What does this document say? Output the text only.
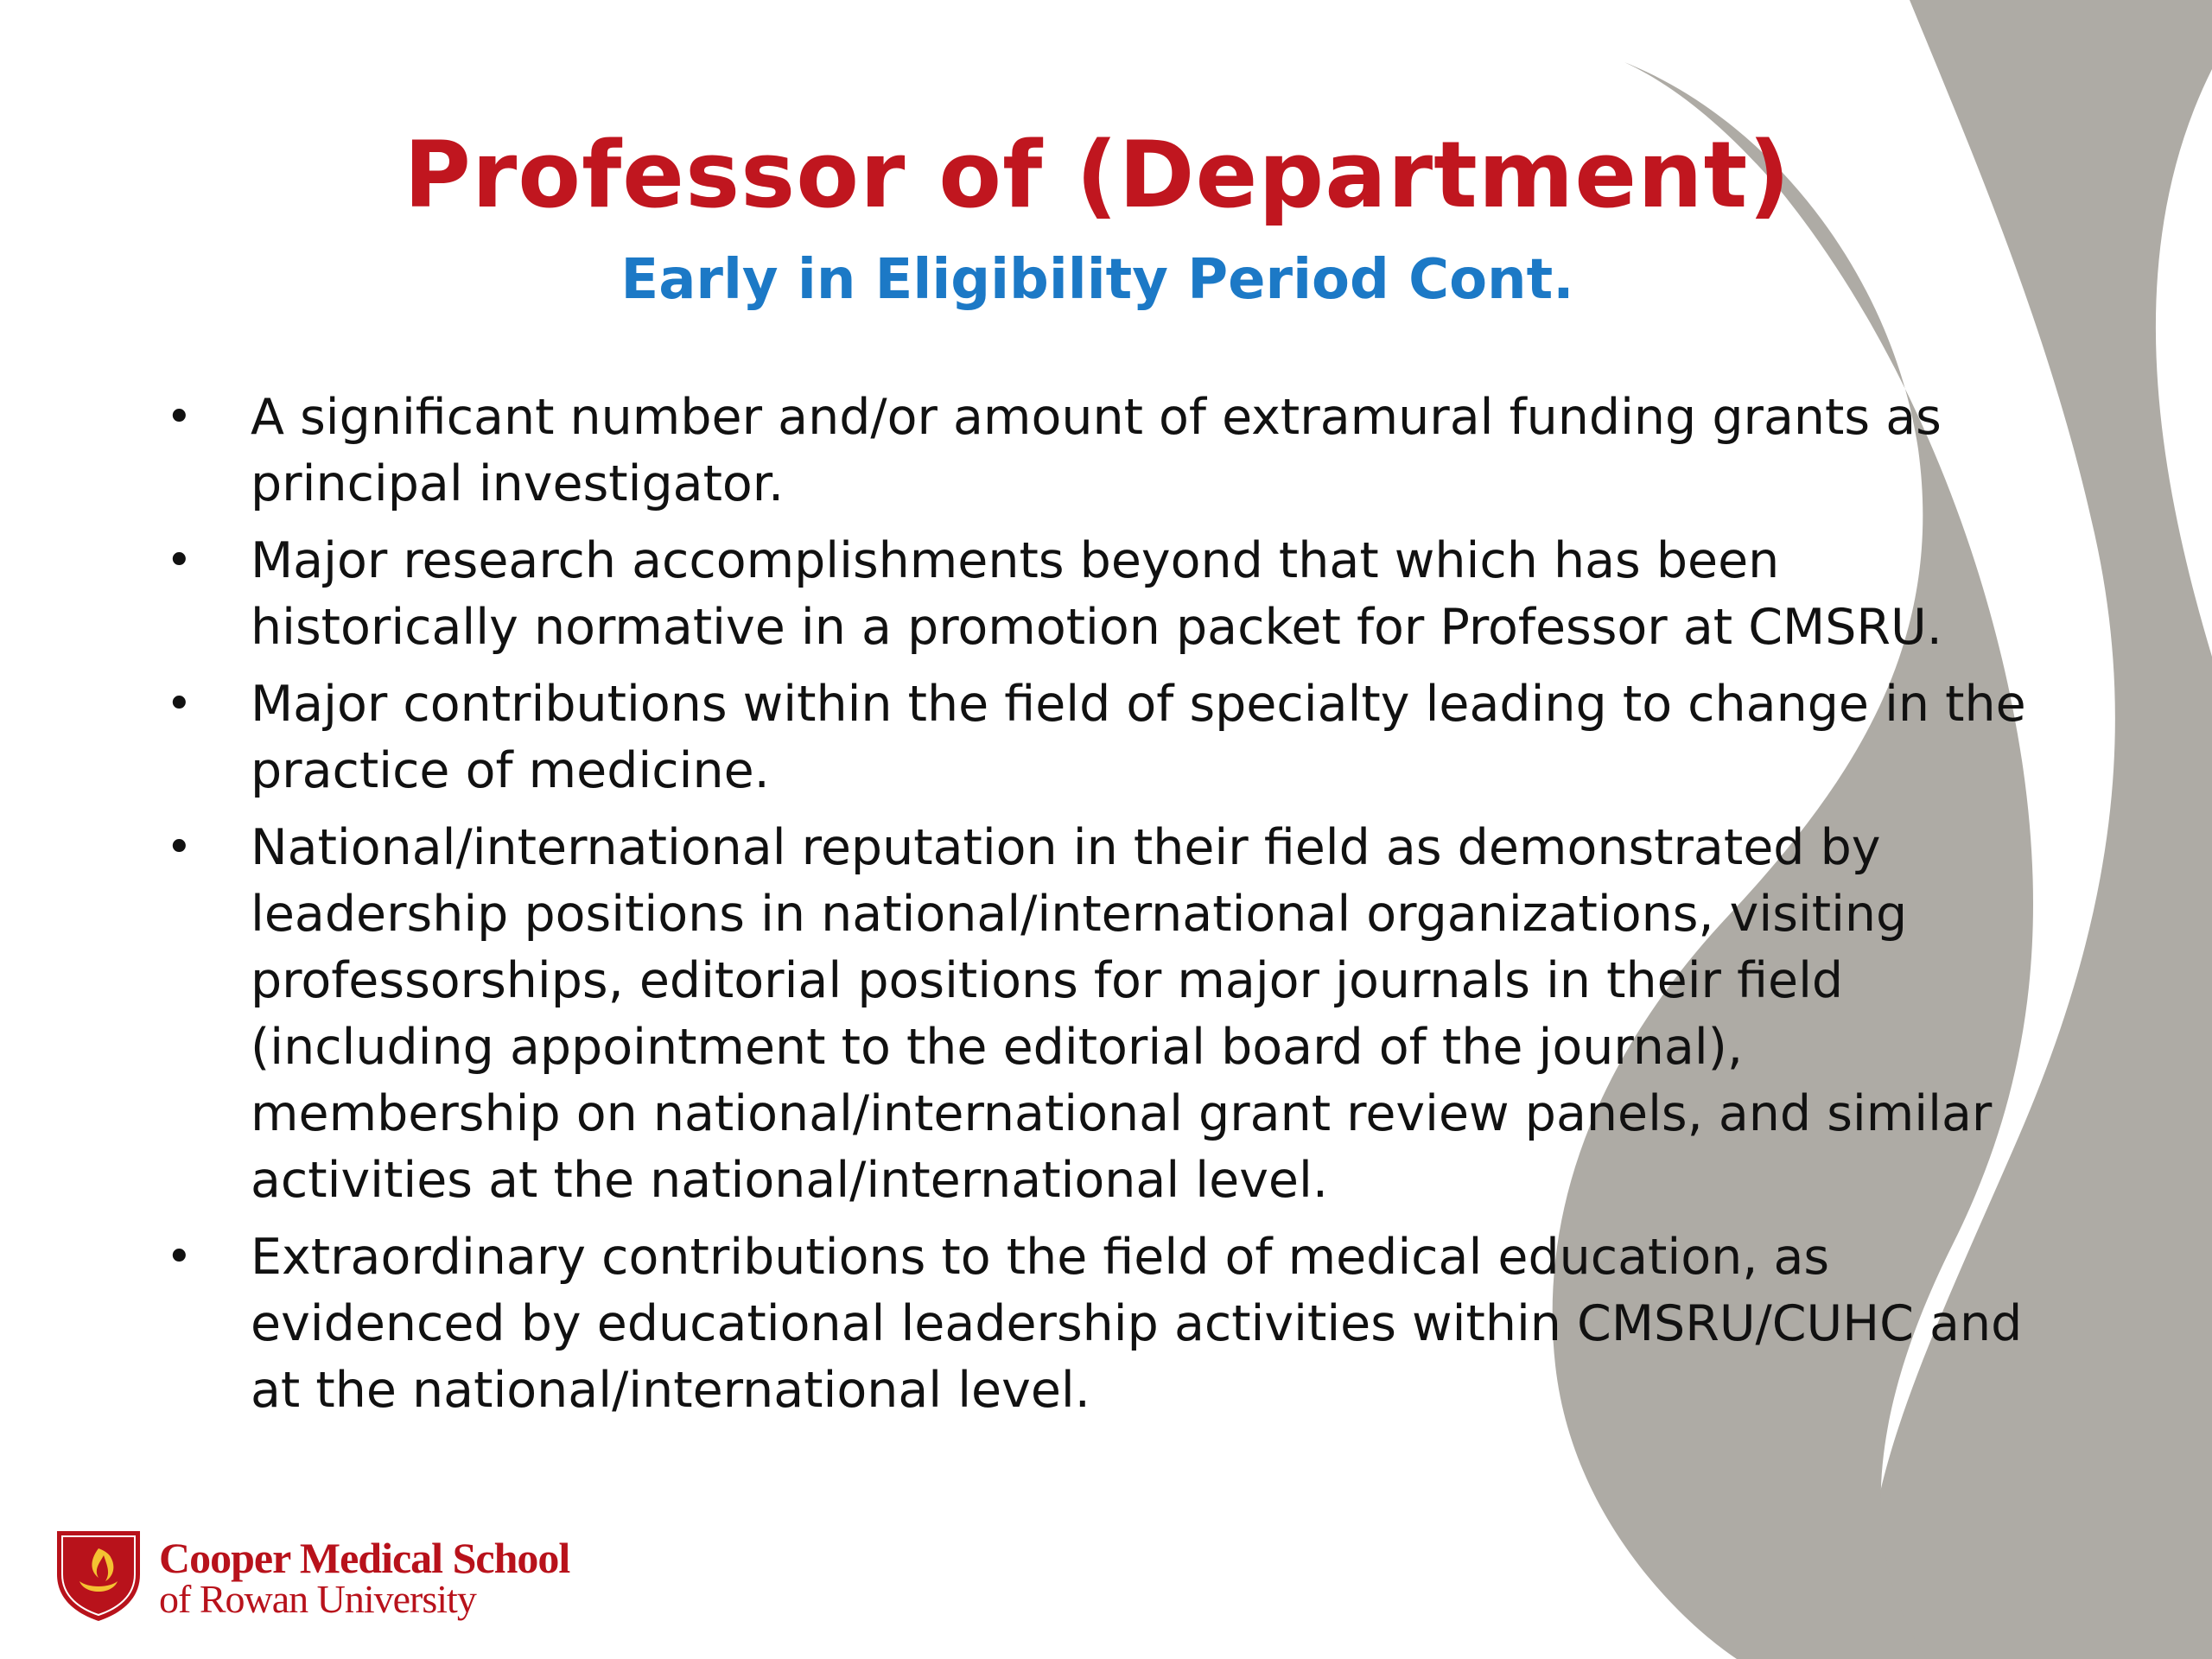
Professor of (Department)
Early in Eligibility Period Cont.
• A significant number and/or amount of extramural funding grants as
principal investigator.
• Major research accomplishments beyond that which has been
historically normative in a promotion packet for Professor at CMSRU.
• Major contributions within the field of specialty leading to change in the
practice of medicine.
• National/international reputation in their field as demonstrated by
leadership positions in national/international organizations, visiting
professorships, editorial positions for major journals in their field
(including appointment to the editorial board of the journal),
membership on national/international grant review panels, and similar
activities at the national/international level.
• Extraordinary contributions to the field of medical education, as
evidenced by educational leadership activities within CMSRU/CUHC and
at the national/international level.
Cooper Medical School
of Rowan University
